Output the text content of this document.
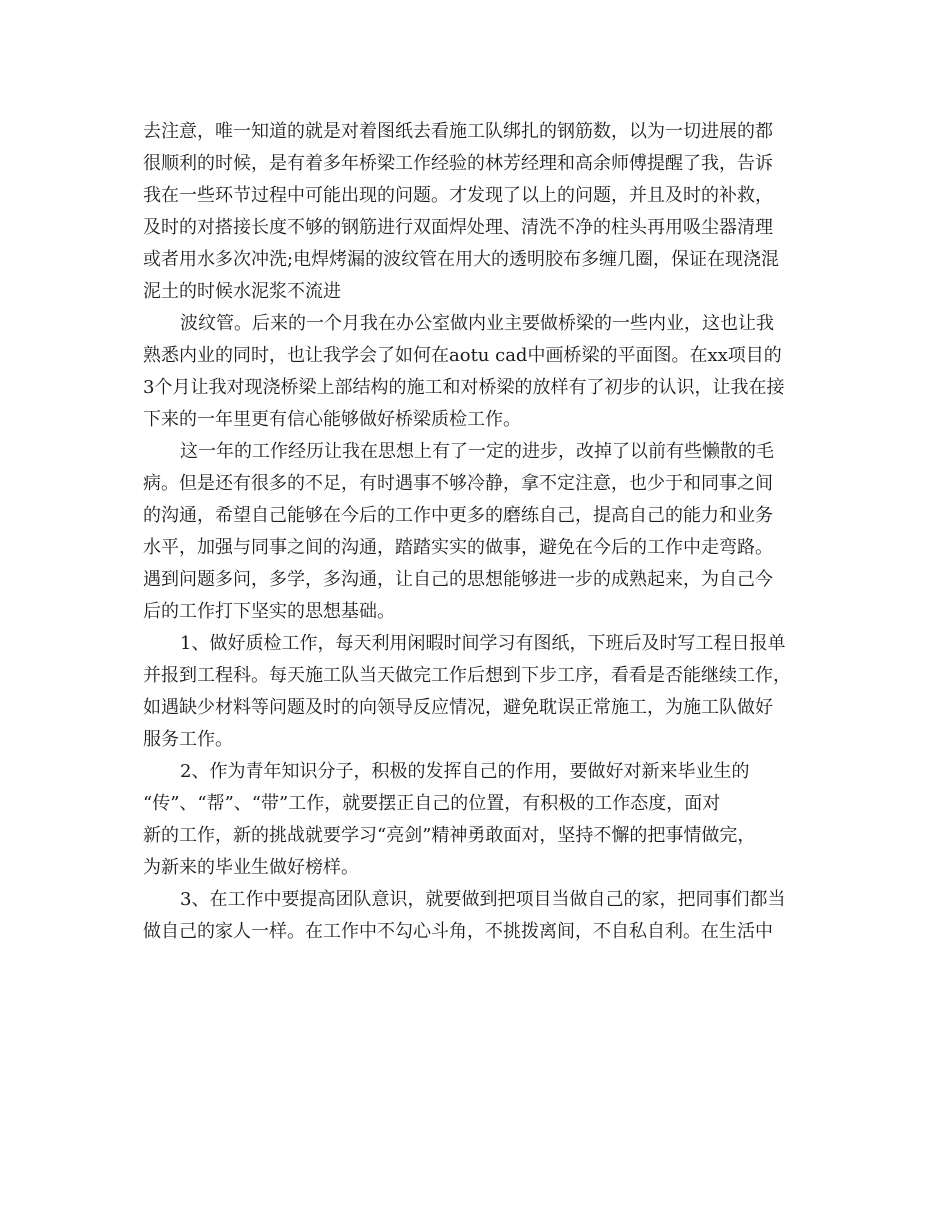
去注意，唯一知道的就是对着图纸去看施工队绑扎的钢筋数，以为一切进展的都
很顺利的时候，是有着多年桥梁工作经验的林芳经理和高余师傅提醒了我，告诉
我在一些环节过程中可能出现的问题。才发现了以上的问题，并且及时的补救，
及时的对搭接长度不够的钢筋进行双面焊处理、清洗不净的柱头再用吸尘器清理
或者用水多次冲洗;电焊烤漏的波纹管在用大的透明胶布多缠几圈，保证在现浇混
泥土的时候水泥浆不流进
波纹管。后来的一个月我在办公室做内业主要做桥梁的一些内业，这也让我
熟悉内业的同时，也让我学会了如何在aotu cad中画桥梁的平面图。在xx项目的
3个月让我对现浇桥梁上部结构的施工和对桥梁的放样有了初步的认识，让我在接
下来的一年里更有信心能够做好桥梁质检工作。
这一年的工作经历让我在思想上有了一定的进步，改掉了以前有些懒散的毛
病。但是还有很多的不足，有时遇事不够冷静，拿不定注意，也少于和同事之间
的沟通，希望自己能够在今后的工作中更多的磨练自己，提高自己的能力和业务
水平，加强与同事之间的沟通，踏踏实实的做事，避免在今后的工作中走弯路。
遇到问题多问，多学，多沟通，让自己的思想能够进一步的成熟起来，为自己今
后的工作打下坚实的思想基础。
1、做好质检工作，每天利用闲暇时间学习有图纸，下班后及时写工程日报单
并报到工程科。每天施工队当天做完工作后想到下步工序，看看是否能继续工作，
如遇缺少材料等问题及时的向领导反应情况，避免耽误正常施工，为施工队做好
服务工作。
2、作为青年知识分子，积极的发挥自己的作用，要做好对新来毕业生的
“传”、“帮”、“带”工作，就要摆正自己的位置，有积极的工作态度，面对
新的工作，新的挑战就要学习“亮剑”精神勇敢面对，坚持不懈的把事情做完，
为新来的毕业生做好榜样。
3、在工作中要提高团队意识，就要做到把项目当做自己的家，把同事们都当
做自己的家人一样。在工作中不勾心斗角，不挑拨离间，不自私自利。在生活中
